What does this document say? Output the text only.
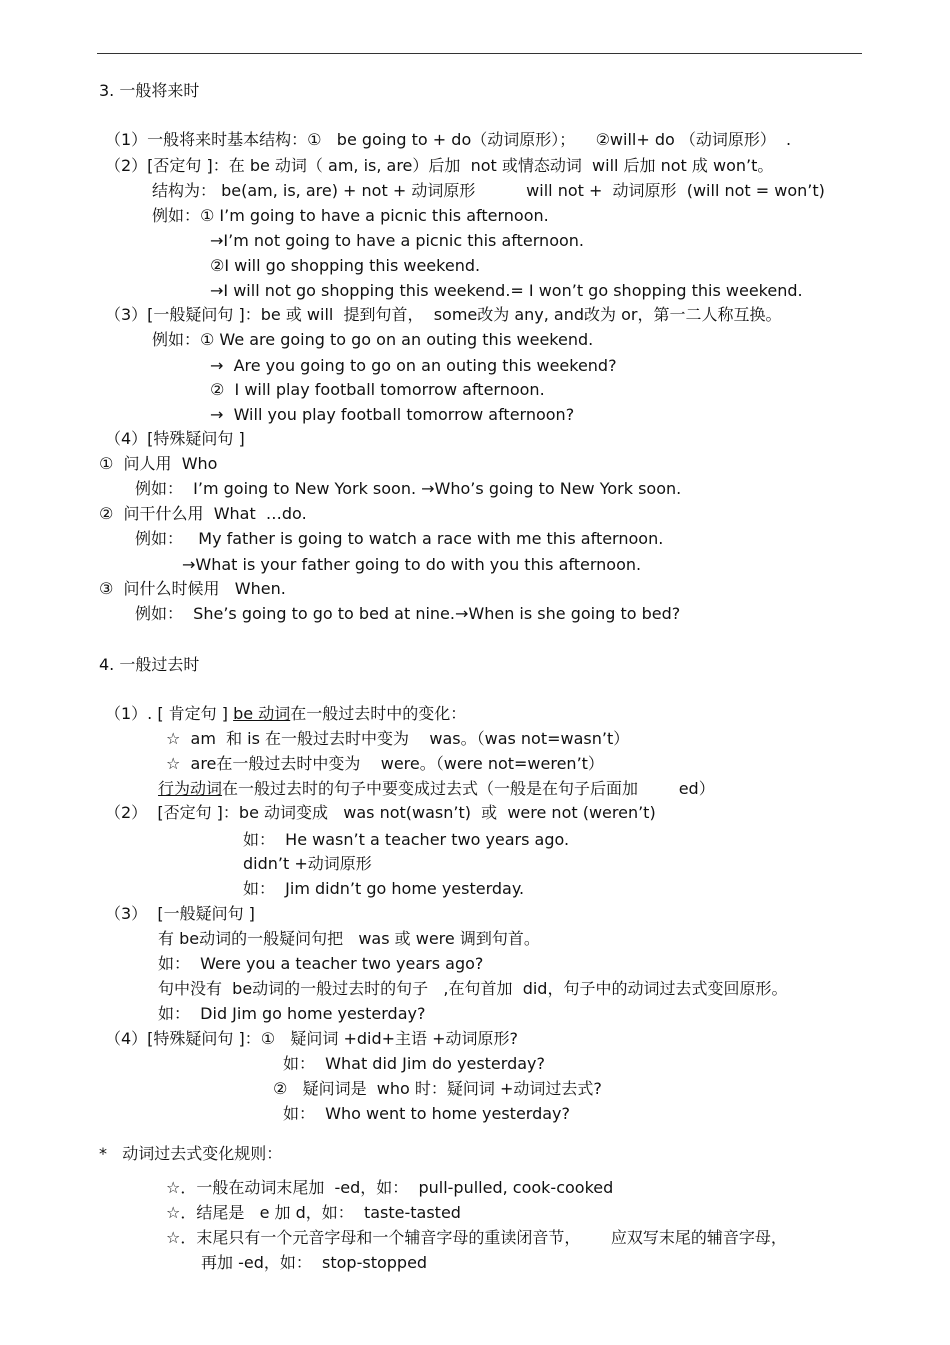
3. 一般将来时
（1）一般将来时基本结构：①   be going to + do（动词原形）；    ②will+ do （动词原形）  .
（2）[否定句 ]：在 be 动词（ am, is, are）后加  not 或情态动词  will 后加 not 成 won’t。
结构为： be(am, is, are) + not + 动词原形          will not +  动词原形  (will not = won’t)
例如：① I’m going to have a picnic this afternoon.
→I’m not going to have a picnic this afternoon.
②I will go shopping this weekend.
→I will not go shopping this weekend.= I won’t go shopping this weekend.
（3）[一般疑问句 ]：be 或 will  提到句首，  some改为 any, and改为 or，第一二人称互换。
例如：① We are going to go on an outing this weekend.
→  Are you going to go on an outing this weekend?
②  I will play football tomorrow afternoon.
→  Will you play football tomorrow afternoon?
（4）[特殊疑问句 ]
①  问人用  Who
例如：  I’m going to New York soon. →Who’s going to New York soon.
②  问干什么用  What  …do.
例如：   My father is going to watch a race with me this afternoon.
→What is your father going to do with you this afternoon.
③  问什么时候用   When.
例如：  She’s going to go to bed at nine.→When is she going to bed?
4. 一般过去时
（1）. [ 肯定句 ] be 动词在一般过去时中的变化：
☆  am  和 is 在一般过去时中变为    was。（was not=wasn’t）
☆  are在一般过去时中变为    were。（were not=weren’t）
行为动词在一般过去时的句子中要变成过去式（一般是在句子后面加        ed）
（2）  [否定句 ]：be 动词变成   was not(wasn’t)  或  were not (weren’t)
如：  He wasn’t a teacher two years ago.
didn’t +动词原形
如：  Jim didn’t go home yesterday.
（3）  [一般疑问句 ]
有 be动词的一般疑问句把   was 或 were 调到句首。
如：  Were you a teacher two years ago?
句中没有  be动词的一般过去时的句子   ,在句首加  did，句子中的动词过去式变回原形。
如：  Did Jim go home yesterday?
（4）[特殊疑问句 ]：①   疑问词 +did+主语 +动词原形?
如：  What did Jim do yesterday?
②   疑问词是  who 时：疑问词 +动词过去式?
如：  Who went to home yesterday?
*   动词过去式变化规则：
☆．一般在动词末尾加  -ed，如：  pull-pulled, cook-cooked
☆．结尾是   e 加 d，如：  taste-tasted
☆．末尾只有一个元音字母和一个辅音字母的重读闭音节，      应双写末尾的辅音字母，
再加 -ed，如：  stop-stopped
